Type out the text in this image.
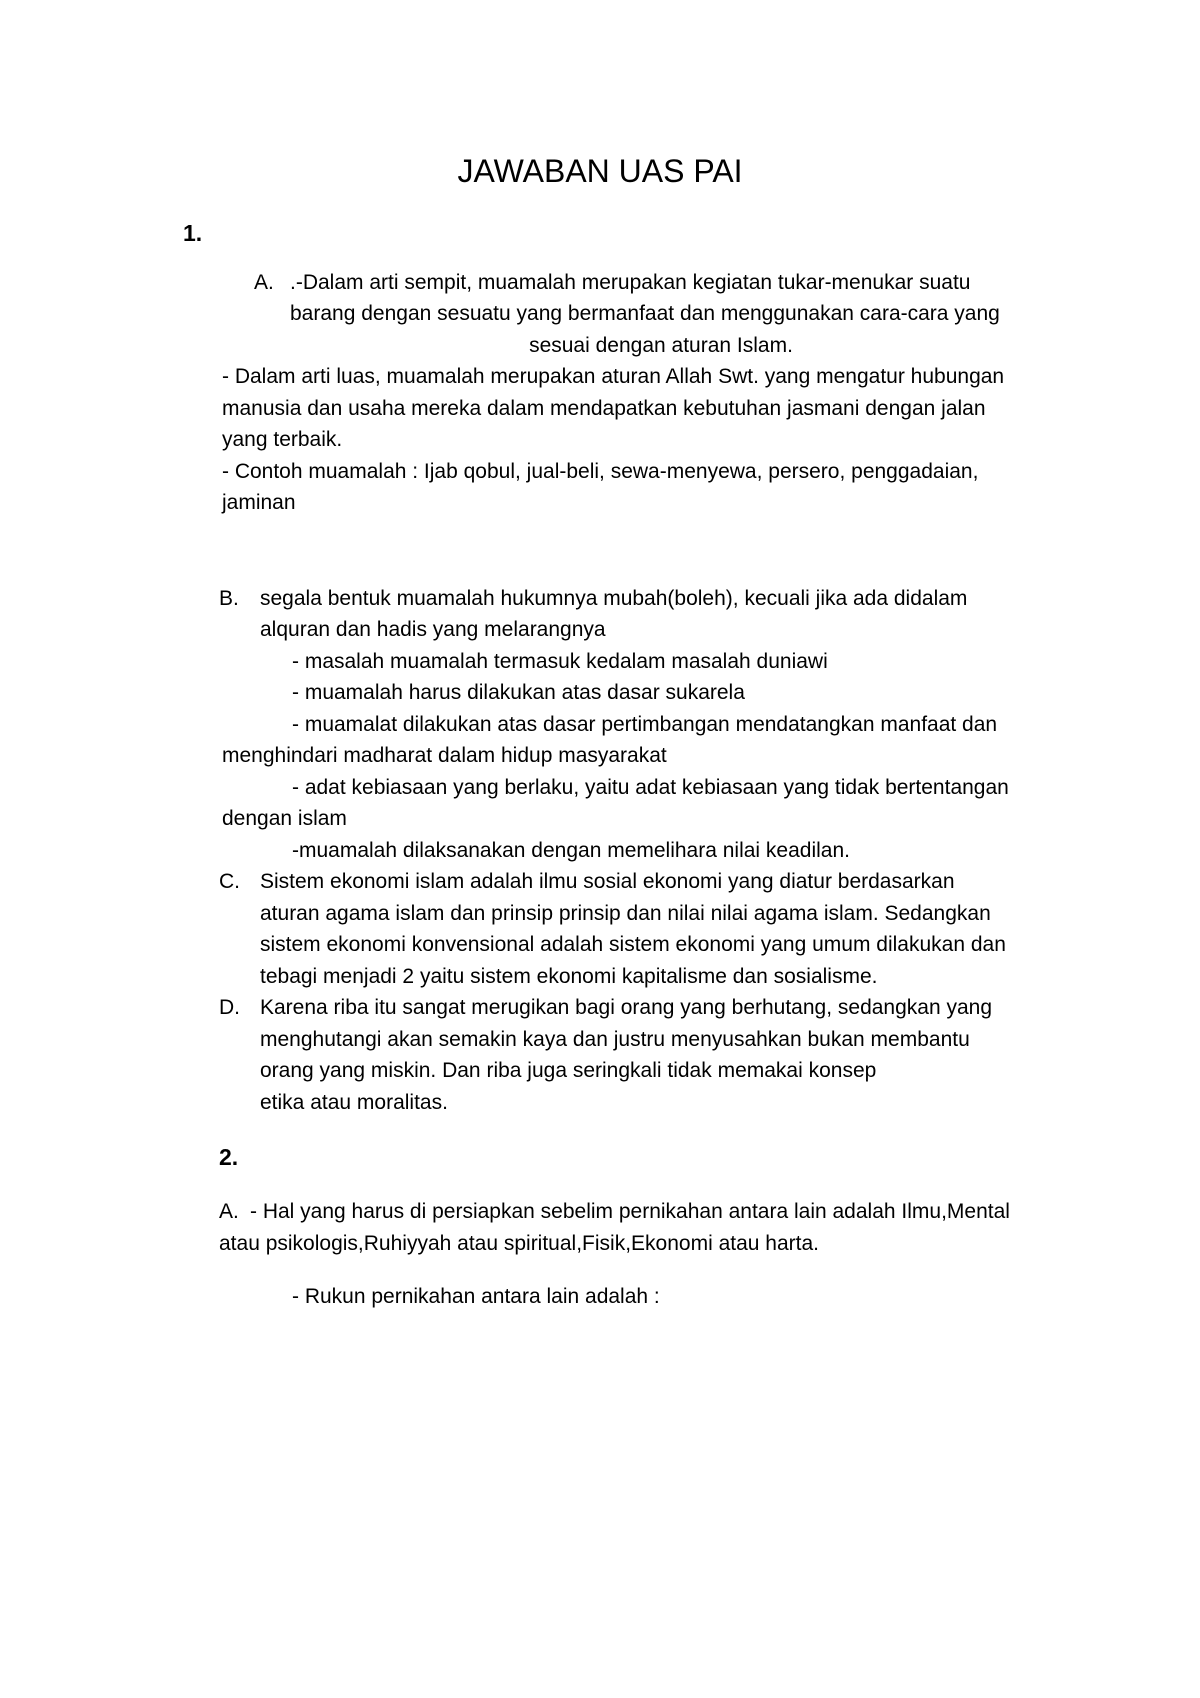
JAWABAN UAS PAI
1.
A. .-Dalam arti sempit, muamalah merupakan kegiatan tukar-menukar suatu
barang dengan sesuatu yang bermanfaat dan menggunakan cara-cara yang
sesuai dengan aturan Islam.
- Dalam arti luas, muamalah merupakan aturan Allah Swt. yang mengatur hubungan
manusia dan usaha mereka dalam mendapatkan kebutuhan jasmani dengan jalan
yang terbaik.
- Contoh muamalah : Ijab qobul, jual-beli, sewa-menyewa, persero, penggadaian,
jaminan
B. segala bentuk muamalah hukumnya mubah(boleh), kecuali jika ada didalam
alquran dan hadis yang melarangnya
- masalah muamalah termasuk kedalam masalah duniawi
- muamalah harus dilakukan atas dasar sukarela
- muamalat dilakukan atas dasar pertimbangan mendatangkan manfaat dan
menghindari madharat dalam hidup masyarakat
- adat kebiasaan yang berlaku, yaitu adat kebiasaan yang tidak bertentangan
dengan islam
-muamalah dilaksanakan dengan memelihara nilai keadilan.
C. Sistem ekonomi islam adalah ilmu sosial ekonomi yang diatur berdasarkan
aturan agama islam dan prinsip prinsip dan nilai nilai agama islam. Sedangkan
sistem ekonomi konvensional adalah sistem ekonomi yang umum dilakukan dan
tebagi menjadi 2 yaitu sistem ekonomi kapitalisme dan sosialisme.
D. Karena riba itu sangat merugikan bagi orang yang berhutang, sedangkan yang
menghutangi akan semakin kaya dan justru menyusahkan bukan membantu
orang yang miskin. Dan riba juga seringkali tidak memakai konsep
etika atau moralitas.
2.
A. - Hal yang harus di persiapkan sebelim pernikahan antara lain adalah Ilmu,Mental
atau psikologis,Ruhiyyah atau spiritual,Fisik,Ekonomi atau harta.
- Rukun pernikahan antara lain adalah :
